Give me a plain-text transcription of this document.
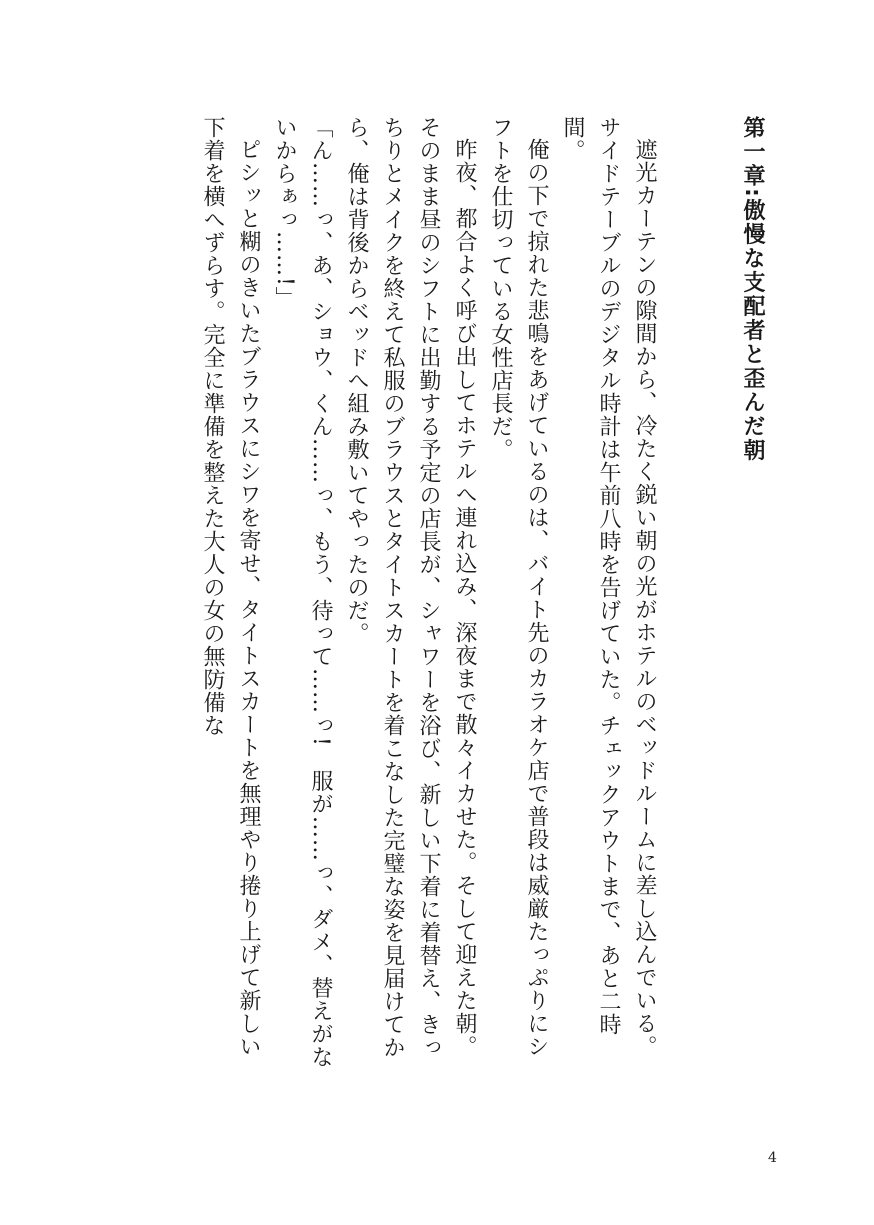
第一章:傲慢な支配者と歪んだ朝

遮光カーテンの隙間から、冷たく鋭い朝の光がホテルのベッドルームに差し込んでいる。サイドテーブルのデジタル時計は午前八時を告げていた。チェックアウトまで、あと二時間。

俺の下で掠れた悲鳴をあげているのは、バイト先のカラオケ店で普段は威厳たっぷりにシフトを仕切っている女性店長だ。

昨夜、都合よく呼び出してホテルへ連れ込み、深夜まで散々イカせた。そして迎えた朝。そのまま昼のシフトに出勤する予定の店長が、シャワーを浴び、新しい下着に着替え、きっちりとメイクを終えて私服のブラウスとタイトスカートを着こなした完璧な姿を見届けてから、俺は背後からベッドへ組み敷いてやったのだ。

「ん……っ、あ、ショウ、くん……っ、もう、待って……っ!　服が……っ、ダメ、替えがないからぁっ……!」

ピシッと糊のきいたブラウスにシワを寄せ、タイトスカートを無理やり捲り上げて新しい下着を横へずらす。完全に準備を整えた大人の女の無防備な

4
